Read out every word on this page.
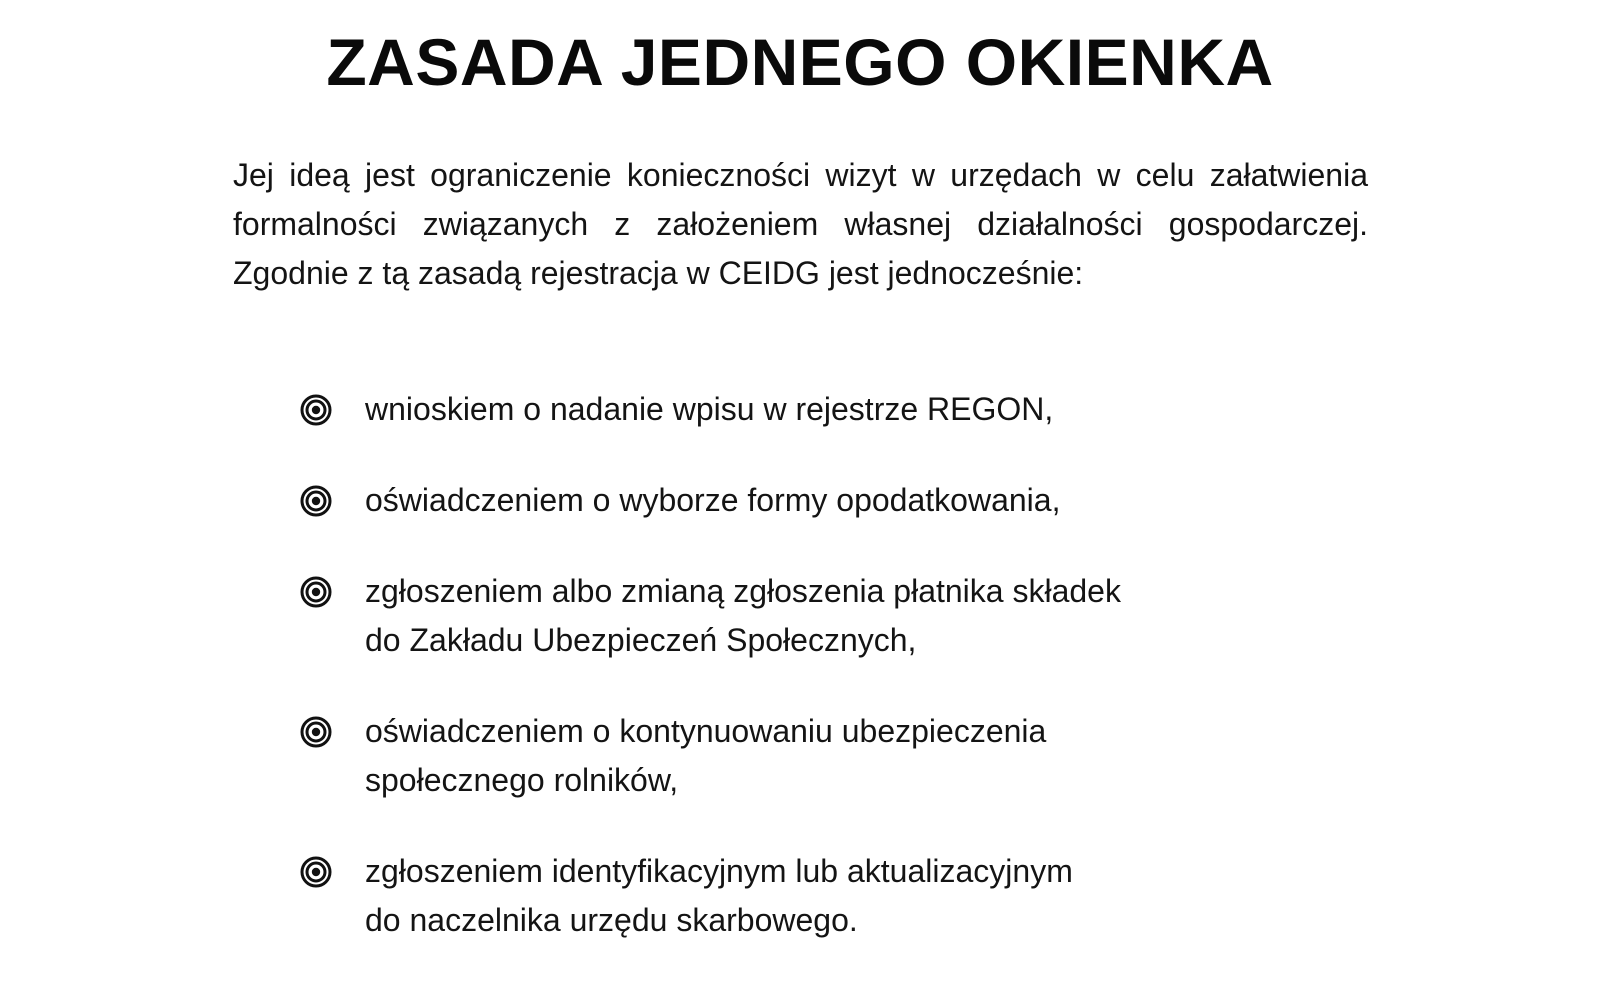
ZASADA JEDNEGO OKIENKA

Jej ideą jest ograniczenie konieczności wizyt w urzędach w celu załatwienia formalności związanych z założeniem własnej działalności gospodarczej. Zgodnie z tą zasadą rejestracja w CEIDG jest jednocześnie:

wnioskiem o nadanie wpisu w rejestrze REGON,
oświadczeniem o wyborze formy opodatkowania,
zgłoszeniem albo zmianą zgłoszenia płatnika składek
do Zakładu Ubezpieczeń Społecznych,
oświadczeniem o kontynuowaniu ubezpieczenia
społecznego rolników,
zgłoszeniem identyfikacyjnym lub aktualizacyjnym
do naczelnika urzędu skarbowego.
